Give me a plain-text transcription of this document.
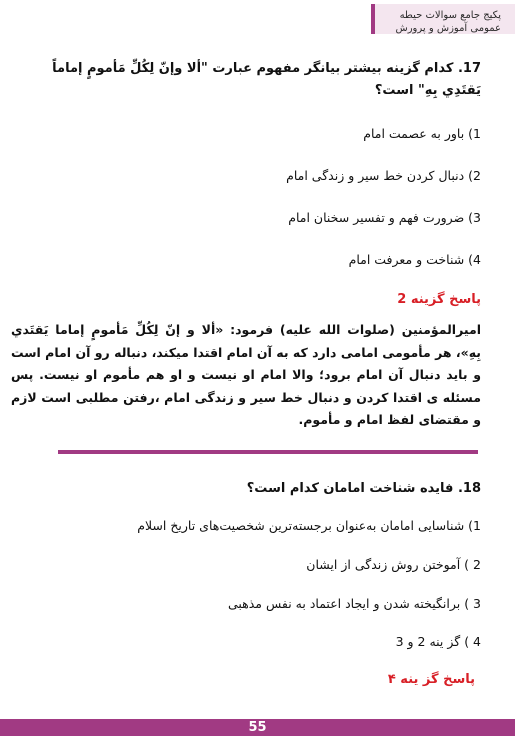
پکیج جامع سوالات حیطه
عمومی آموزش و پرورش
17. کدام گزینه بیشتر بیانگر مفهوم عبارت "ألا وإنّ لِكُلِّ مَأمومٍ إماماً يَقتَدِي بِهِ" است؟
1) باور به عصمت امام
2) دنبال کردن خط سیر و زندگی امام
3) ضرورت فهم و تفسیر سخنان امام
4) شناخت و معرفت امام
پاسخ گزینه 2
امیرالمؤمنین (صلوات الله علیه) فرمود: «ألا و إنّ لِكُلِّ مَأمومٍ إماما يَقتَدي بِهِ»، هر مأمومی امامی دارد که به آن امام اقتدا میکند، دنباله رو آن امام است و باید دنبال آن امام برود؛ والا امام او نیست و او هم مأموم او نیست. پس مسئله ی اقتدا کردن و دنبال خط سیر و زندگی امام ،رفتن مطلبی است لازم و مقتضای لفظ امام و مأموم.
18. فایده شناخت امامان کدام است؟
1) شناسایی امامان به‌عنوان برجسته‌ترین شخصیت‌های تاریخ اسلام
2 ) آموختن روش زندگی از ایشان
3 ) برانگیخته شدن و ایجاد اعتماد به نفس مذهبی
4 ) گز ینه 2 و 3
پاسخ گز ینه ۴
55
